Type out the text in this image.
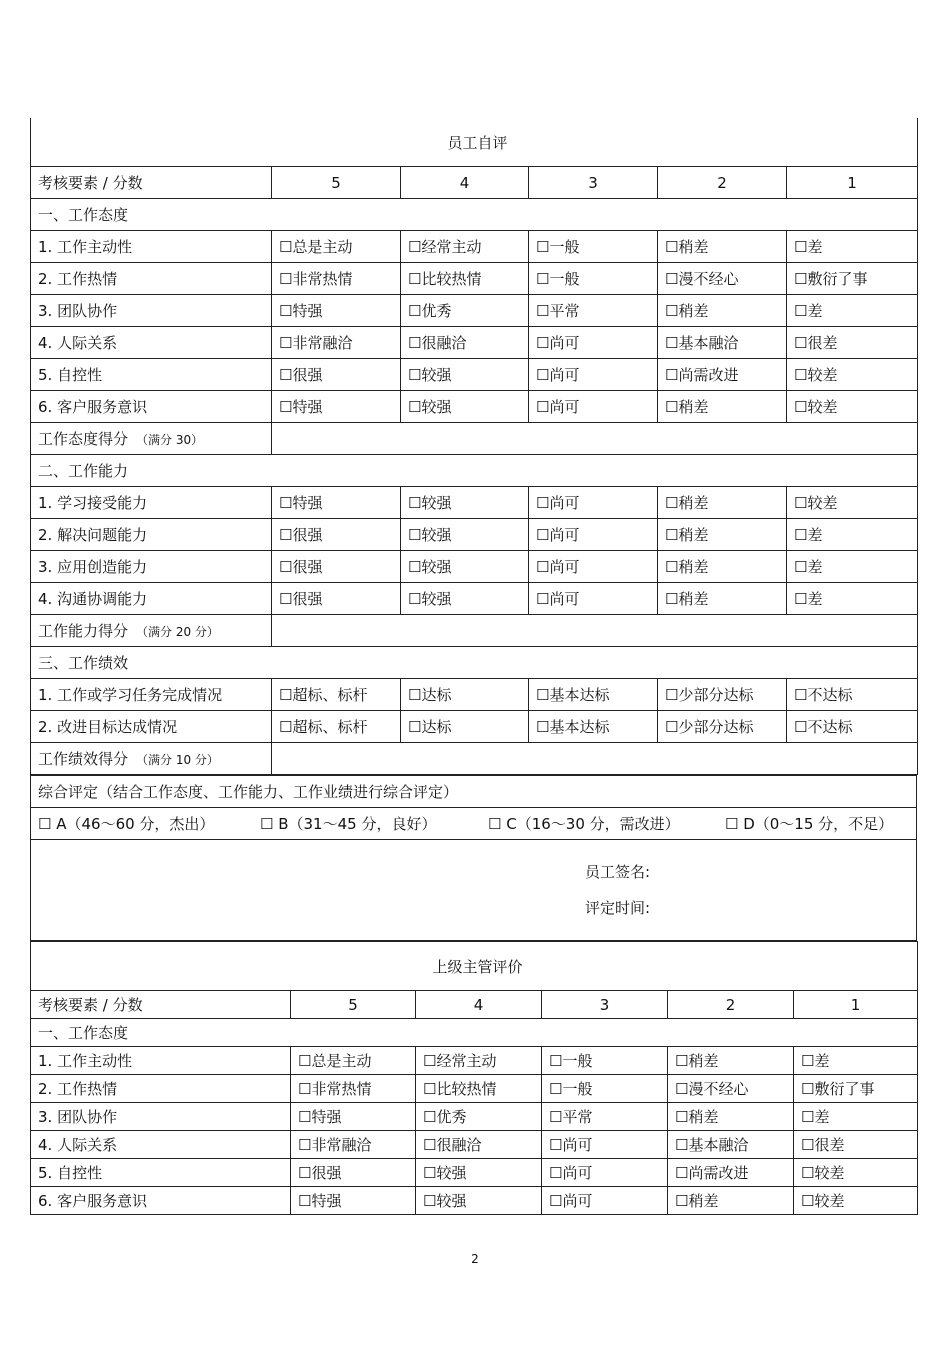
员工自评					
考核要素 / 分数	5	4	3	2	1
一、工作态度					
1. 工作主动性	☐总是主动	☐经常主动	☐一般	☐稍差	☐差
2. 工作热情	☐非常热情	☐比较热情	☐一般	☐漫不经心	☐敷衍了事
3. 团队协作	☐特强	☐优秀	☐平常	☐稍差	☐差
4. 人际关系	☐非常融洽	☐很融洽	☐尚可	☐基本融洽	☐很差
5. 自控性	☐很强	☐较强	☐尚可	☐尚需改进	☐较差
6. 客户服务意识	☐特强	☐较强	☐尚可	☐稍差	☐较差
工作态度得分 （满分 30）					
二、工作能力					
1. 学习接受能力	☐特强	☐较强	☐尚可	☐稍差	☐较差
2. 解决问题能力	☐很强	☐较强	☐尚可	☐稍差	☐差
3. 应用创造能力	☐很强	☐较强	☐尚可	☐稍差	☐差
4. 沟通协调能力	☐很强	☐较强	☐尚可	☐稍差	☐差
工作能力得分 （满分 20 分）					
三、工作绩效					
1. 工作或学习任务完成情况	☐超标、标杆	☐达标	☐基本达标	☐少部分达标	☐不达标
2. 改进目标达成情况	☐超标、标杆	☐达标	☐基本达标	☐少部分达标	☐不达标
工作绩效得分 （满分 10 分）					
综合评定（结合工作态度、工作能力、工作业绩进行综合评定）
☐ A（46～60 分，杰出）	☐ B（31～45 分，良好）	☐ C（16～30 分，需改进）	☐ D（0～15 分，不足）

员工签名:
评定时间:
上级主管评价					
考核要素 / 分数	5	4	3	2	1
一、工作态度					
1. 工作主动性	☐总是主动	☐经常主动	☐一般	☐稍差	☐差
2. 工作热情	☐非常热情	☐比较热情	☐一般	☐漫不经心	☐敷衍了事
3. 团队协作	☐特强	☐优秀	☐平常	☐稍差	☐差
4. 人际关系	☐非常融洽	☐很融洽	☐尚可	☐基本融洽	☐很差
5. 自控性	☐很强	☐较强	☐尚可	☐尚需改进	☐较差
6. 客户服务意识	☐特强	☐较强	☐尚可	☐稍差	☐较差
2
